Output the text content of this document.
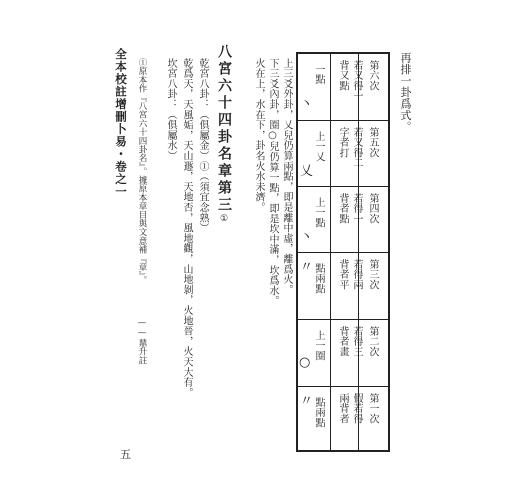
再排一卦爲式。
第六次
若又得一
背又點
一點
丶
第五次
若又得二
字者打
上一乂
乂
第四次
若得一
背者點
上一點
丶
第三次
若得兩
背者平
點兩點
〃
第二次
若得三
背者畫
上一圈
○
第一次
假若得
兩背者
點兩點
〃
上三爻外卦，乂兒仍算兩點，即是離中虛，離爲火。
下三爻內卦，圈○兒仍算一點，即是坎中滿，坎爲水。
火在上，水在下，卦名火水未濟。
八宮六十四卦名章第三①
乾宮八卦：（俱屬金）①（須宜念熟）
乾爲天，天風姤，天山遯，天地否，風地觀，山地剝，火地晉，火天大有。
坎宮八卦：（俱屬水）
①原本作『八宮六十四卦名』。據原本章目與文意補『章』。
——鼎升註
全本校註增刪卜易・卷之一
五
